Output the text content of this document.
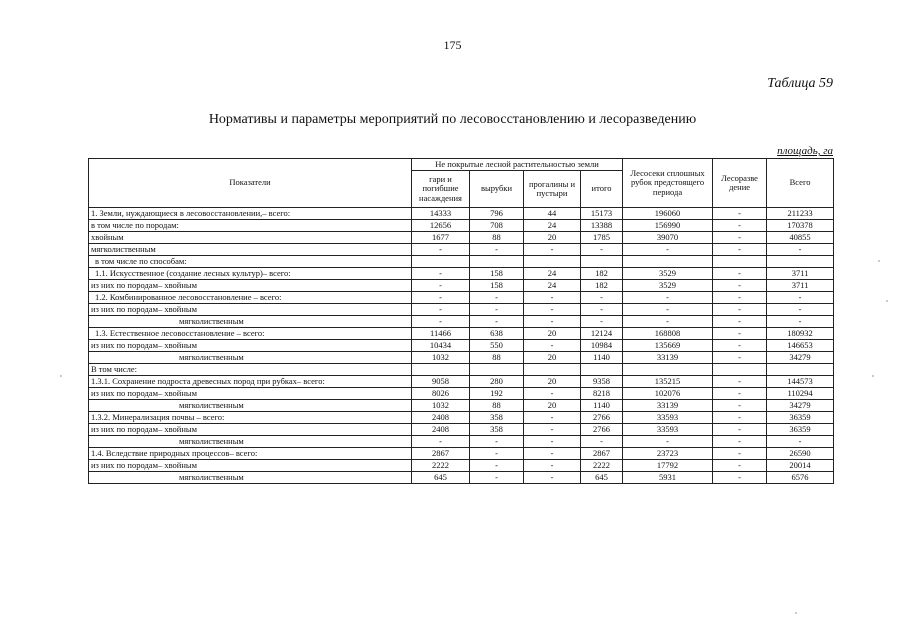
175
Таблица 59
Нормативы и параметры мероприятий по лесовосстановлению и лесоразведению
площадь, га
Показатели	Не покрытые лесной растительностью земли				Лесосеки сплошных рубок предстоящего периода	Лесоразве дение	Всего
	гари и погибшие насаждения	вырубки	прогалины и пустыри	итого			
1. Земли, нуждающиеся в лесовосстановлении,– всего:	14333	796	44	15173	196060	-	211233
в том числе по породам:	12656	708	24	13388	156990	-	170378
хвойным	1677	88	20	1785	39070	-	40855
мягколиственным	-	-	-	-	-	-	-
в том числе по способам:							
1.1. Искусственное (создание лесных культур)– всего:	-	158	24	182	3529	-	3711
из них по породам– хвойным	-	158	24	182	3529	-	3711
1.2. Комбинированное лесовосстановление – всего:	-	-	-	-	-	-	-
из них по породам– хвойным	-	-	-	-	-	-	-
мягколиственным	-	-	-	-	-	-	-
1.3. Естественное лесовосстановление – всего:	11466	638	20	12124	168808	-	180932
из них по породам– хвойным	10434	550	-	10984	135669	-	146653
мягколиственным	1032	88	20	1140	33139	-	34279
В том числе:							
1.3.1. Сохранение подроста древесных пород при рубках– всего:	9058	280	20	9358	135215	-	144573
из них по породам– хвойным	8026	192	-	8218	102076	-	110294
мягколиственным	1032	88	20	1140	33139	-	34279
1.3.2. Минерализация почвы – всего:	2408	358	-	2766	33593	-	36359
из них по породам– хвойным	2408	358	-	2766	33593	-	36359
мягколиственным	-	-	-	-	-	-	-
1.4. Вследствие природных процессов– всего:	2867	-	-	2867	23723	-	26590
из них по породам– хвойным	2222	-	-	2222	17792	-	20014
мягколиственным	645	-	-	645	5931	-	6576
